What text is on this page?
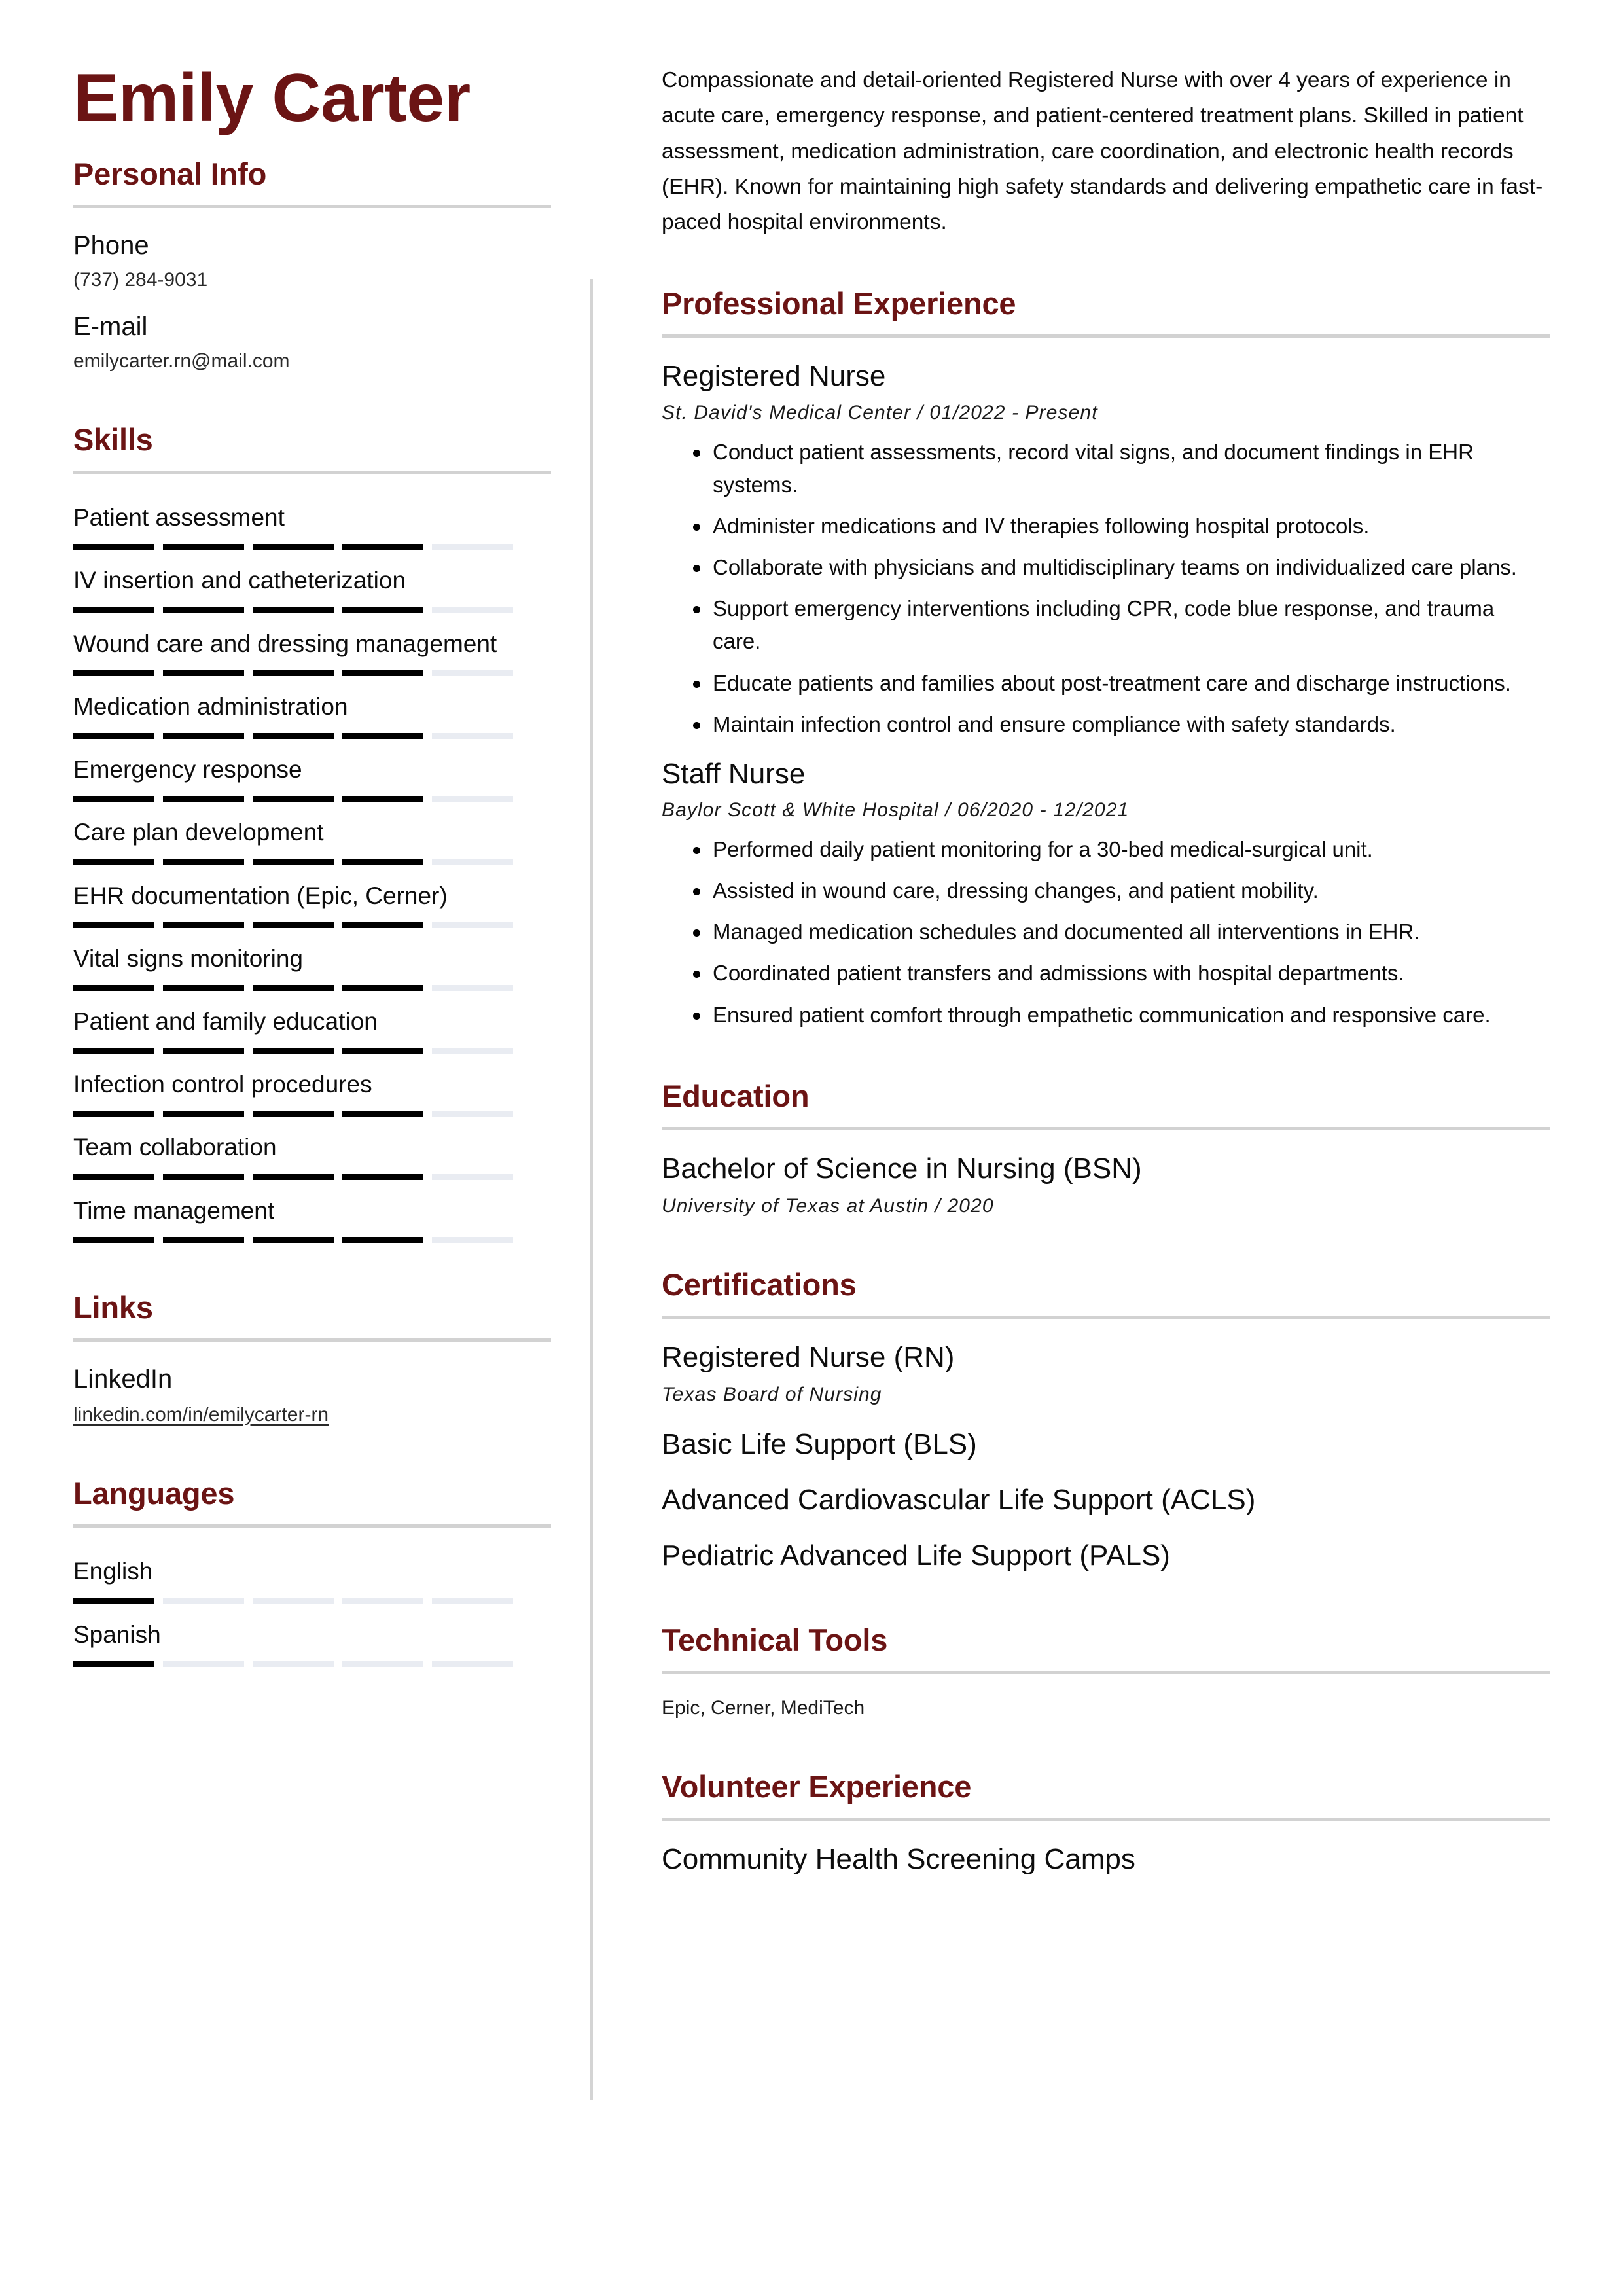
Emily Carter
Personal Info
Phone
(737) 284-9031
E-mail
emilycarter.rn@mail.com
Skills
Patient assessment
IV insertion and catheterization
Wound care and dressing management
Medication administration
Emergency response
Care plan development
EHR documentation (Epic, Cerner)
Vital signs monitoring
Patient and family education
Infection control procedures
Team collaboration
Time management
Links
LinkedIn
linkedin.com/in/emilycarter-rn
Languages
English
Spanish

Compassionate and detail-oriented Registered Nurse with over 4 years of experience in acute care, emergency response, and patient-centered treatment plans. Skilled in patient assessment, medication administration, care coordination, and electronic health records (EHR). Known for maintaining high safety standards and delivering empathetic care in fast-paced hospital environments.

Professional Experience
Registered Nurse
St. David's Medical Center / 01/2022 - Present
Conduct patient assessments, record vital signs, and document findings in EHR systems.
Administer medications and IV therapies following hospital protocols.
Collaborate with physicians and multidisciplinary teams on individualized care plans.
Support emergency interventions including CPR, code blue response, and trauma care.
Educate patients and families about post-treatment care and discharge instructions.
Maintain infection control and ensure compliance with safety standards.
Staff Nurse
Baylor Scott & White Hospital / 06/2020 - 12/2021
Performed daily patient monitoring for a 30-bed medical-surgical unit.
Assisted in wound care, dressing changes, and patient mobility.
Managed medication schedules and documented all interventions in EHR.
Coordinated patient transfers and admissions with hospital departments.
Ensured patient comfort through empathetic communication and responsive care.
Education
Bachelor of Science in Nursing (BSN)
University of Texas at Austin / 2020
Certifications
Registered Nurse (RN)
Texas Board of Nursing
Basic Life Support (BLS)
Advanced Cardiovascular Life Support (ACLS)
Pediatric Advanced Life Support (PALS)
Technical Tools
Epic, Cerner, MediTech
Volunteer Experience
Community Health Screening Camps
